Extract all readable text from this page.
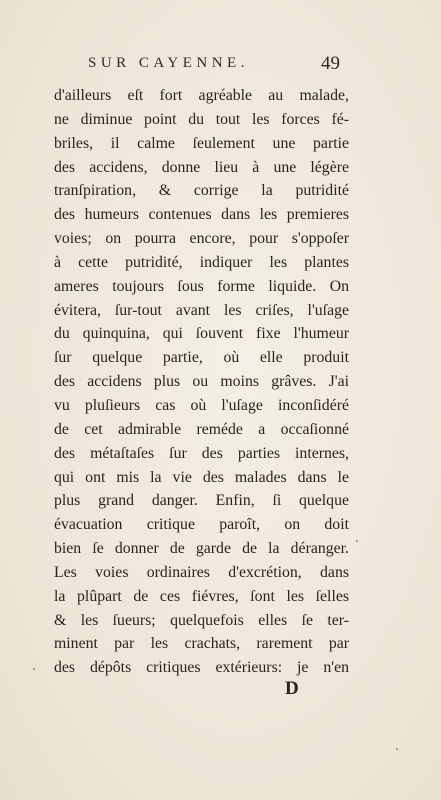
SUR CAYENNE.	49
d'ailleurs eſt fort agréable au malade,
ne diminue point du tout les forces fé-
briles, il calme ſeulement une partie
des accidens, donne lieu à une légère
tranſpiration, & corrige la putridité
des humeurs contenues dans les premieres
voies; on pourra encore, pour s'oppoſer
à cette putridité, indiquer les plantes
ameres toujours ſous forme liquide. On
évitera, ſur-tout avant les criſes, l'uſage
du quinquina, qui ſouvent fixe l'humeur
ſur quelque partie, où elle produit
des accidens plus ou moins grâves. J'ai
vu pluſieurs cas où l'uſage inconſidéré
de cet admirable reméde a occaſionné
des métaſtaſes ſur des parties internes,
qui ont mis la vie des malades dans le
plus grand danger. Enfin, ſi quelque
évacuation critique paroît, on doit
bien ſe donner de garde de la déranger.
Les voies ordinaires d'excrétion, dans
la plûpart de ces fiévres, ſont les ſelles
& les ſueurs; quelquefois elles ſe ter-
minent par les crachats, rarement par
des dépôts critiques extérieurs: je n'en
D
